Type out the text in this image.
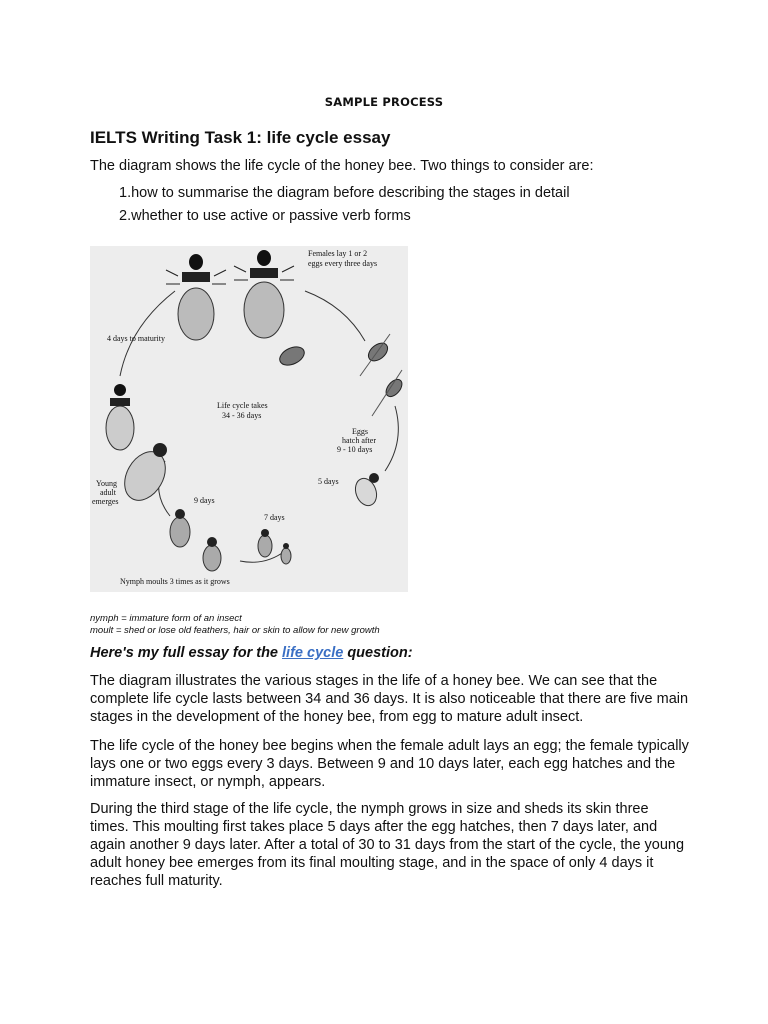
SAMPLE PROCESS
IELTS Writing Task 1: life cycle essay
The diagram shows the life cycle of the honey bee. Two things to consider are:
1.how to summarise the diagram before describing the stages in detail
2.whether to use active or passive verb forms
Females lay 1 or 2
eggs every three days
4 days to maturity
Life cycle takes
34 - 36 days
Eggs
hatch after
9 - 10 days
5 days
Young
adult
emerges	9 days
7 days
Nymph moults 3 times as it grows
nymph = immature form of an insect
moult = shed or lose old feathers, hair or skin to allow for new growth
Here's my full essay for the life cycle question:

The diagram illustrates the various stages in the life of a honey bee. We can see that the complete life cycle lasts between 34 and 36 days. It is also noticeable that there are five main stages in the development of the honey bee, from egg to mature adult insect.

The life cycle of the honey bee begins when the female adult lays an egg; the female typically lays one or two eggs every 3 days. Between 9 and 10 days later, each egg hatches and the immature insect, or nymph, appears.

During the third stage of the life cycle, the nymph grows in size and sheds its skin three times. This moulting first takes place 5 days after the egg hatches, then 7 days later, and again another 9 days later. After a total of 30 to 31 days from the start of the cycle, the young adult honey bee emerges from its final moulting stage, and in the space of only 4 days it reaches full maturity.
